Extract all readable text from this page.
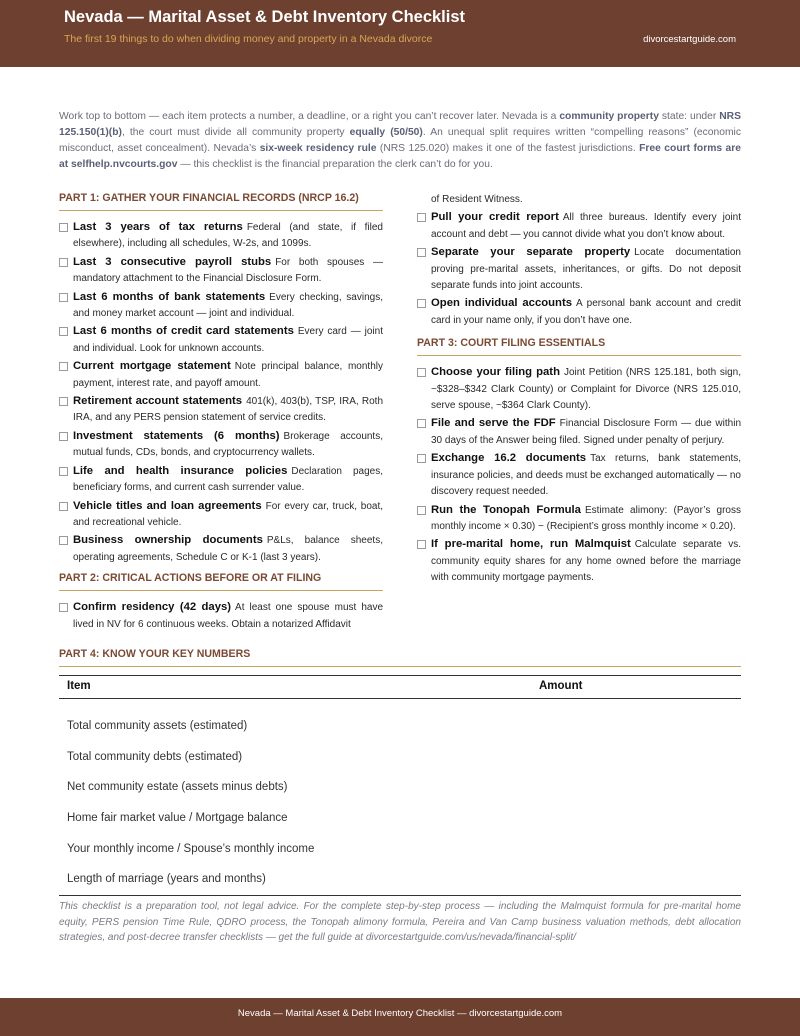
Nevada — Marital Asset & Debt Inventory Checklist
The first 19 things to do when dividing money and property in a Nevada divorce	divorcestartguide.com
Work top to bottom — each item protects a number, a deadline, or a right you can’t recover later. Nevada is a community property state: under NRS 125.150(1)(b), the court must divide all community property equally (50/50). An unequal split requires written “compelling reasons” (economic misconduct, asset concealment). Nevada’s six-week residency rule (NRS 125.020) makes it one of the fastest jurisdictions. Free court forms are at selfhelp.nvcourts.gov — this checklist is the financial preparation the clerk can’t do for you.
PART 1: GATHER YOUR FINANCIAL RECORDS (NRCP 16.2)
Last 3 years of tax returns Federal (and state, if filed elsewhere), including all schedules, W-2s, and 1099s.
Last 3 consecutive payroll stubs For both spouses — mandatory attachment to the Financial Disclosure Form.
Last 6 months of bank statements Every checking, savings, and money market account — joint and individual.
Last 6 months of credit card statements Every card — joint and individual. Look for unknown accounts.
Current mortgage statement Note principal balance, monthly payment, interest rate, and payoff amount.
Retirement account statements 401(k), 403(b), TSP, IRA, Roth IRA, and any PERS pension statement of service credits.
Investment statements (6 months) Brokerage accounts, mutual funds, CDs, bonds, and cryptocurrency wallets.
Life and health insurance policies Declaration pages, beneficiary forms, and current cash surrender value.
Vehicle titles and loan agreements For every car, truck, boat, and recreational vehicle.
Business ownership documents P&Ls, balance sheets, operating agreements, Schedule C or K-1 (last 3 years).
PART 2: CRITICAL ACTIONS BEFORE OR AT FILING
Confirm residency (42 days) At least one spouse must have lived in NV for 6 continuous weeks. Obtain a notarized Affidavit
of Resident Witness.
Pull your credit report All three bureaus. Identify every joint account and debt — you cannot divide what you don’t know about.
Separate your separate property Locate documentation proving pre-marital assets, inheritances, or gifts. Do not deposit separate funds into joint accounts.
Open individual accounts A personal bank account and credit card in your name only, if you don’t have one.
PART 3: COURT FILING ESSENTIALS
Choose your filing path Joint Petition (NRS 125.181, both sign, ~$328–$342 Clark County) or Complaint for Divorce (NRS 125.010, serve spouse, ~$364 Clark County).
File and serve the FDF Financial Disclosure Form — due within 30 days of the Answer being filed. Signed under penalty of perjury.
Exchange 16.2 documents Tax returns, bank statements, insurance policies, and deeds must be exchanged automatically — no discovery request needed.
Run the Tonopah Formula Estimate alimony: (Payor’s gross monthly income × 0.30) − (Recipient’s gross monthly income × 0.20).
If pre-marital home, run Malmquist Calculate separate vs. community equity shares for any home owned before the marriage with community mortgage payments.
PART 4: KNOW YOUR KEY NUMBERS
Item	Amount
Total community assets (estimated)	
Total community debts (estimated)	
Net community estate (assets minus debts)	
Home fair market value / Mortgage balance	
Your monthly income / Spouse’s monthly income	
Length of marriage (years and months)	
This checklist is a preparation tool, not legal advice. For the complete step-by-step process — including the Malmquist formula for pre-marital home equity, PERS pension Time Rule, QDRO process, the Tonopah alimony formula, Pereira and Van Camp business valuation methods, debt allocation strategies, and post-decree transfer checklists — get the full guide at divorcestartguide.com/us/nevada/financial-split/
Nevada — Marital Asset & Debt Inventory Checklist — divorcestartguide.com
